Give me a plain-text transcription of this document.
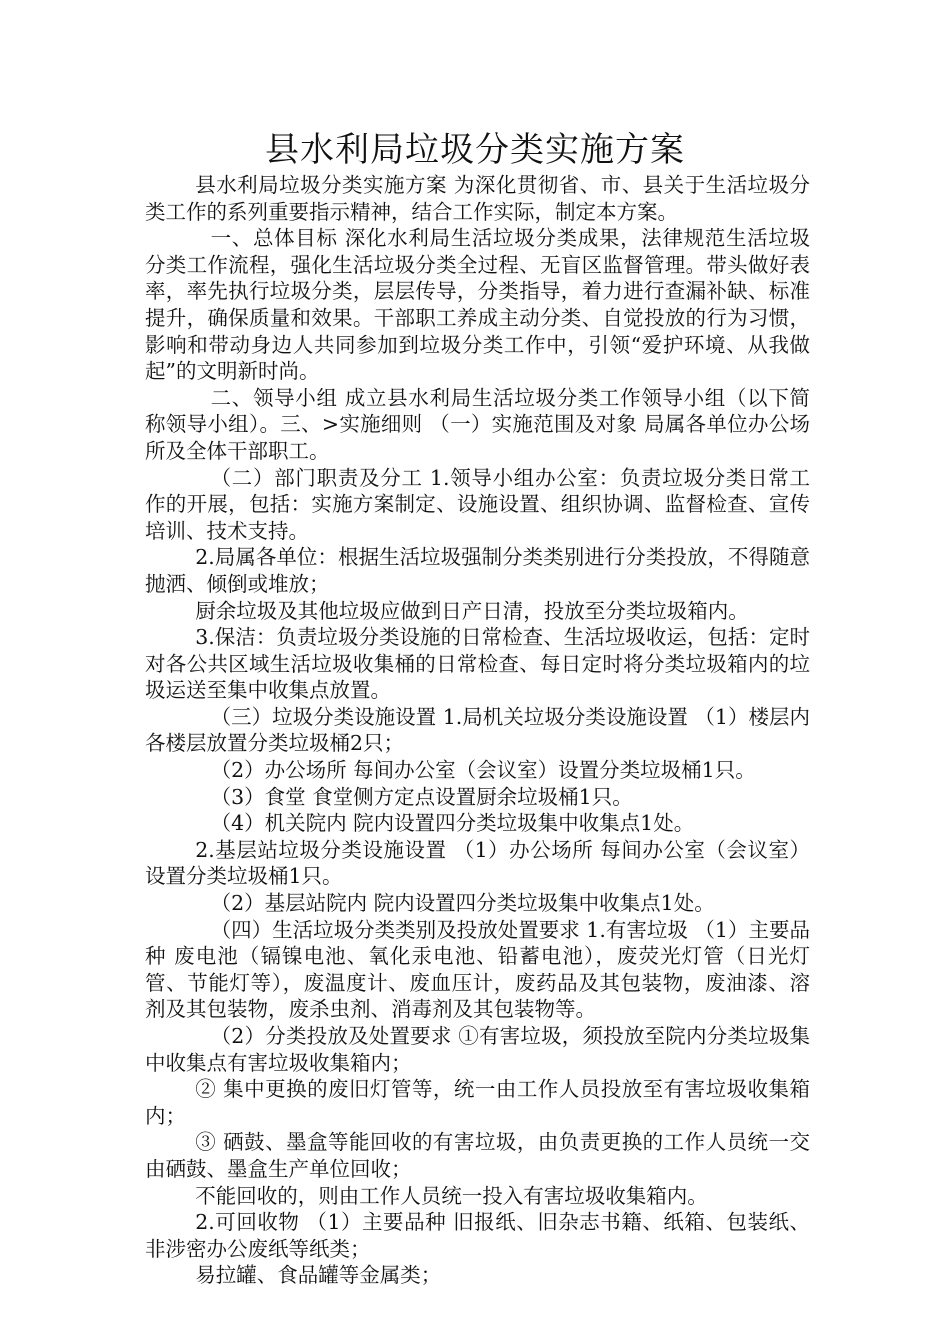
县水利局垃圾分类实施方案

县水利局垃圾分类实施方案 为深化贯彻省、市、县关于生活垃圾分类工作的系列重要指示精神，结合工作实际，制定本方案。

一、总体目标 深化水利局生活垃圾分类成果，法律规范生活垃圾分类工作流程，强化生活垃圾分类全过程、无盲区监督管理。带头做好表率，率先执行垃圾分类，层层传导，分类指导，着力进行查漏补缺、标准提升，确保质量和效果。干部职工养成主动分类、自觉投放的行为习惯，影响和带动身边人共同参加到垃圾分类工作中，引领“爱护环境、从我做起”的文明新时尚。

二、领导小组 成立县水利局生活垃圾分类工作领导小组（以下简称领导小组）。三、>实施细则 （一）实施范围及对象 局属各单位办公场所及全体干部职工。

（二）部门职责及分工 1.领导小组办公室：负责垃圾分类日常工作的开展，包括：实施方案制定、设施设置、组织协调、监督检查、宣传培训、技术支持。

2.局属各单位：根据生活垃圾强制分类类别进行分类投放，不得随意抛洒、倾倒或堆放；

厨余垃圾及其他垃圾应做到日产日清，投放至分类垃圾箱内。

3.保洁：负责垃圾分类设施的日常检查、生活垃圾收运，包括：定时对各公共区域生活垃圾收集桶的日常检查、每日定时将分类垃圾箱内的垃圾运送至集中收集点放置。

（三）垃圾分类设施设置 1.局机关垃圾分类设施设置 （1）楼层内 各楼层放置分类垃圾桶2只；

（2）办公场所 每间办公室（会议室）设置分类垃圾桶1只。

（3）食堂 食堂侧方定点设置厨余垃圾桶1只。

（4）机关院内 院内设置四分类垃圾集中收集点1处。

2.基层站垃圾分类设施设置 （1）办公场所 每间办公室（会议室）设置分类垃圾桶1只。

（2）基层站院内 院内设置四分类垃圾集中收集点1处。

（四）生活垃圾分类类别及投放处置要求 1.有害垃圾 （1）主要品种 废电池（镉镍电池、氧化汞电池、铅蓄电池），废荧光灯管（日光灯管、节能灯等），废温度计、废血压计，废药品及其包装物，废油漆、溶剂及其包装物，废杀虫剂、消毒剂及其包装物等。

（2）分类投放及处置要求 ①有害垃圾，须投放至院内分类垃圾集中收集点有害垃圾收集箱内；

② 集中更换的废旧灯管等，统一由工作人员投放至有害垃圾收集箱内；

③ 硒鼓、墨盒等能回收的有害垃圾，由负责更换的工作人员统一交由硒鼓、墨盒生产单位回收；

不能回收的，则由工作人员统一投入有害垃圾收集箱内。

2.可回收物 （1）主要品种 旧报纸、旧杂志书籍、纸箱、包装纸、非涉密办公废纸等纸类；

易拉罐、食品罐等金属类；
